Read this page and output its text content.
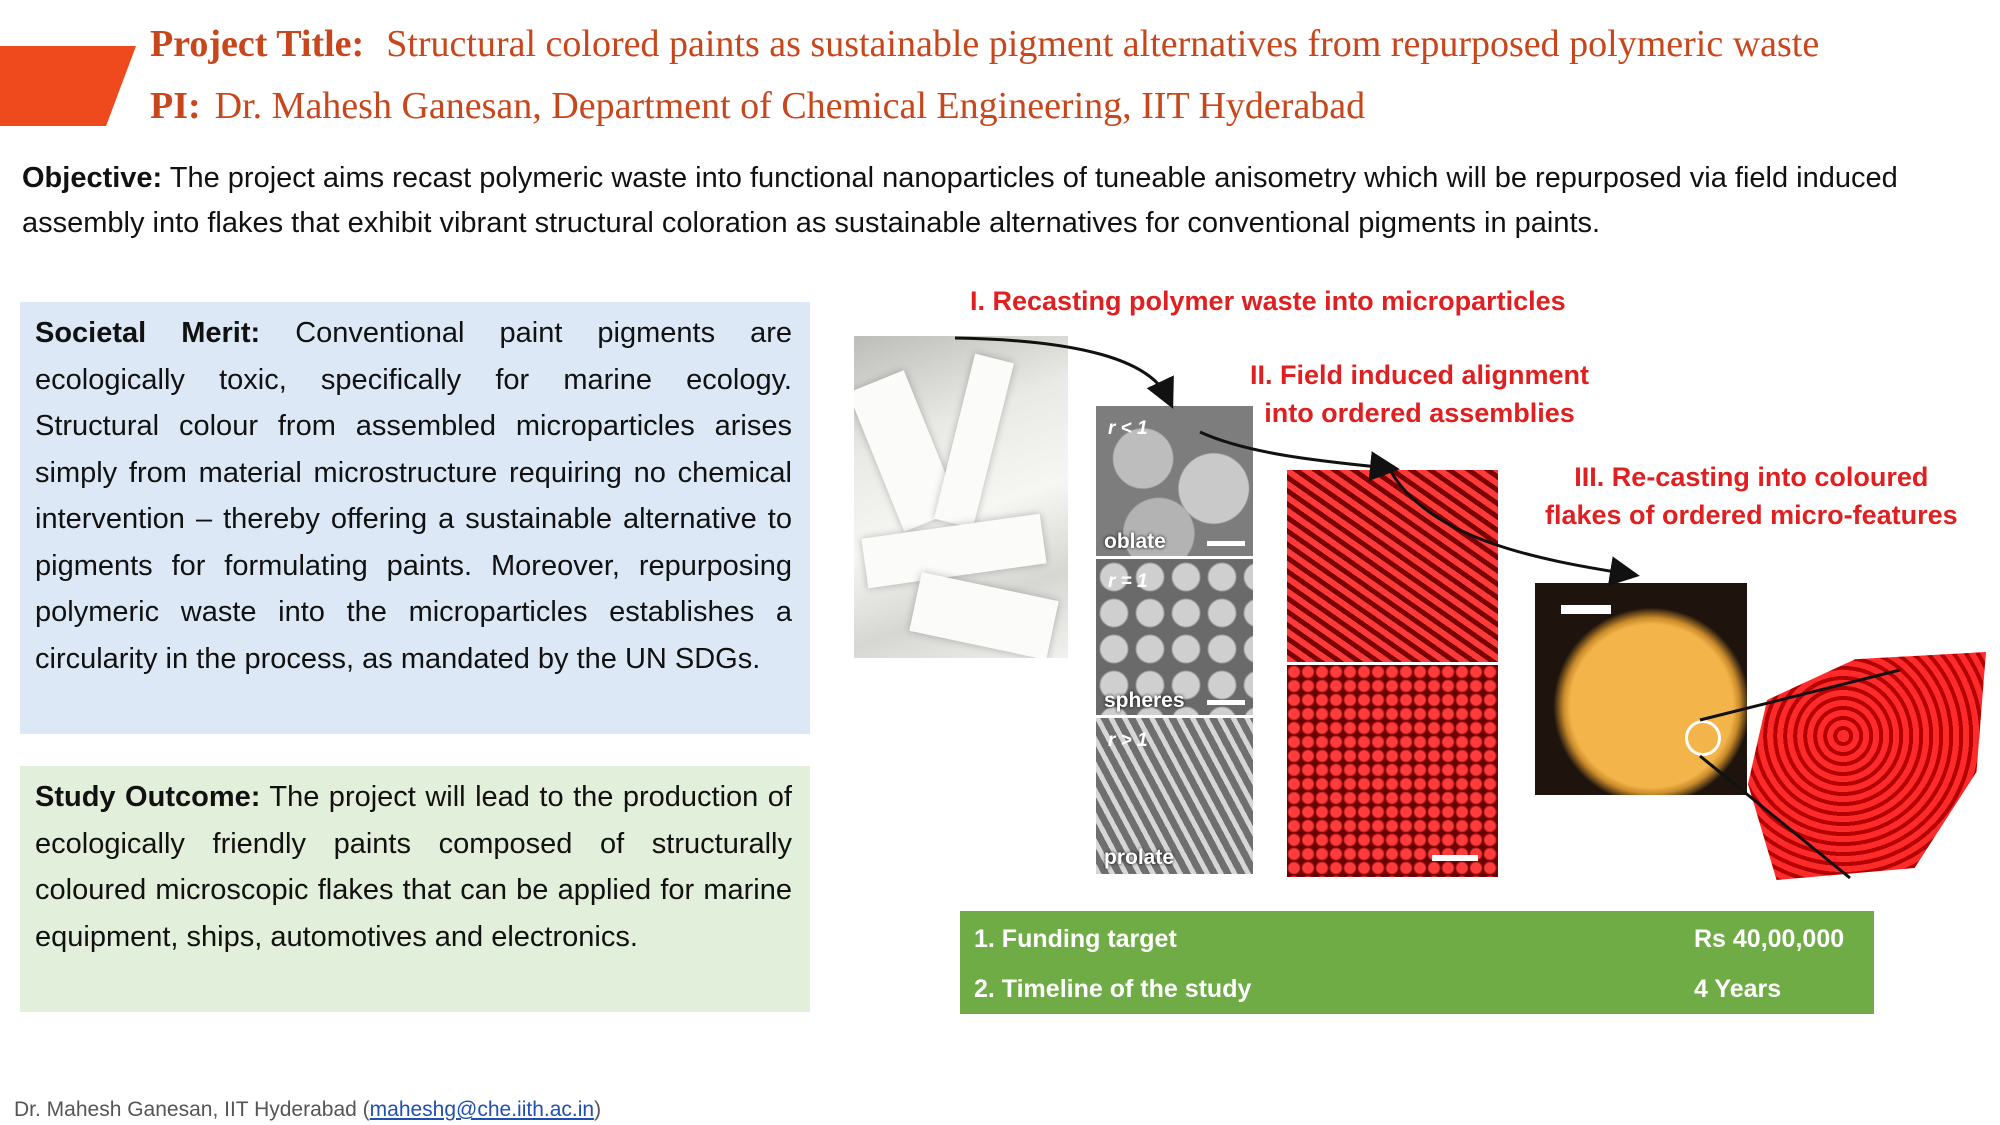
Project Title: Structural colored paints as sustainable pigment alternatives from repurposed polymeric waste
PI: Dr. Mahesh Ganesan, Department of Chemical Engineering, IIT Hyderabad
Objective: The project aims recast polymeric waste into functional nanoparticles of tuneable anisometry which will be repurposed via field induced assembly into flakes that exhibit vibrant structural coloration as sustainable alternatives for conventional pigments in paints.
Societal Merit: Conventional paint pigments are ecologically toxic, specifically for marine ecology. Structural colour from assembled microparticles arises simply from material microstructure requiring no chemical intervention – thereby offering a sustainable alternative to pigments for formulating paints. Moreover, repurposing polymeric waste into the microparticles establishes a circularity in the process, as mandated by the UN SDGs.
Study Outcome: The project will lead to the production of ecologically friendly paints composed of structurally coloured microscopic flakes that can be applied for marine equipment, ships, automotives and electronics.
I. Recasting polymer waste into microparticles
II. Field induced alignment
into ordered assemblies
III. Re-casting into coloured
flakes of ordered micro-features
r < 1
oblate
r = 1
spheres
r > 1
prolate
1. Funding target	Rs 40,00,000
2. Timeline of the study	4 Years
Dr. Mahesh Ganesan, IIT Hyderabad (maheshg@che.iith.ac.in)
